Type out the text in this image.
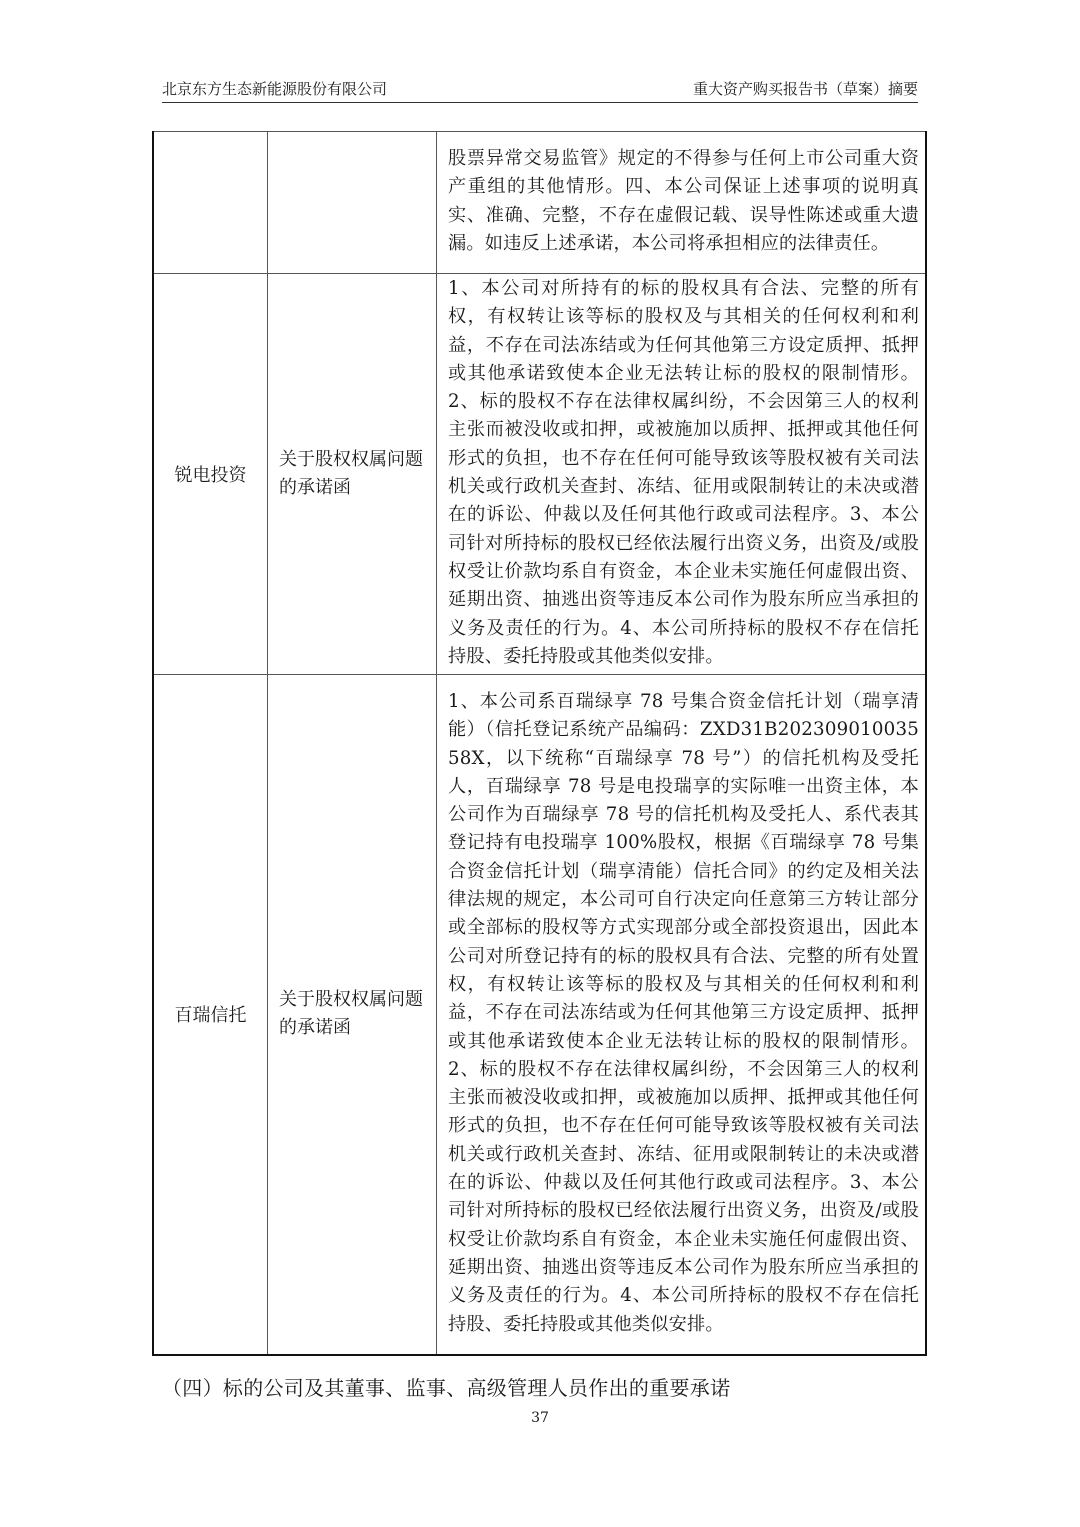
北京东方生态新能源股份有限公司	重大资产购买报告书（草案）摘要
		股票异常交易监管》规定的不得参与任何上市公司重大资产重组的其他情形。四、本公司保证上述事项的说明真实、准确、完整，不存在虚假记载、误导性陈述或重大遗漏。如违反上述承诺，本公司将承担相应的法律责任。
锐电投资	关于股权权属问题的承诺函	1、本公司对所持有的标的股权具有合法、完整的所有权，有权转让该等标的股权及与其相关的任何权利和利益，不存在司法冻结或为任何其他第三方设定质押、抵押或其他承诺致使本企业无法转让标的股权的限制情形。2、标的股权不存在法律权属纠纷，不会因第三人的权利主张而被没收或扣押，或被施加以质押、抵押或其他任何形式的负担，也不存在任何可能导致该等股权被有关司法机关或行政机关查封、冻结、征用或限制转让的未决或潜在的诉讼、仲裁以及任何其他行政或司法程序。3、本公司针对所持标的股权已经依法履行出资义务，出资及/或股权受让价款均系自有资金，本企业未实施任何虚假出资、延期出资、抽逃出资等违反本公司作为股东所应当承担的义务及责任的行为。4、本公司所持标的股权不存在信托持股、委托持股或其他类似安排。
百瑞信托	关于股权权属问题的承诺函	1、本公司系百瑞绿享 78 号集合资金信托计划（瑞享清能）（信托登记系统产品编码：ZXD31B20230901003558X，以下统称“百瑞绿享 78 号”）的信托机构及受托人，百瑞绿享 78 号是电投瑞享的实际唯一出资主体，本公司作为百瑞绿享 78 号的信托机构及受托人、系代表其登记持有电投瑞享 100%股权，根据《百瑞绿享 78 号集合资金信托计划（瑞享清能）信托合同》的约定及相关法律法规的规定，本公司可自行决定向任意第三方转让部分或全部标的股权等方式实现部分或全部投资退出，因此本公司对所登记持有的标的股权具有合法、完整的所有处置权，有权转让该等标的股权及与其相关的任何权利和利益，不存在司法冻结或为任何其他第三方设定质押、抵押或其他承诺致使本企业无法转让标的股权的限制情形。2、标的股权不存在法律权属纠纷，不会因第三人的权利主张而被没收或扣押，或被施加以质押、抵押或其他任何形式的负担，也不存在任何可能导致该等股权被有关司法机关或行政机关查封、冻结、征用或限制转让的未决或潜在的诉讼、仲裁以及任何其他行政或司法程序。3、本公司针对所持标的股权已经依法履行出资义务，出资及/或股权受让价款均系自有资金，本企业未实施任何虚假出资、延期出资、抽逃出资等违反本公司作为股东所应当承担的义务及责任的行为。4、本公司所持标的股权不存在信托持股、委托持股或其他类似安排。
（四）标的公司及其董事、监事、高级管理人员作出的重要承诺
37
